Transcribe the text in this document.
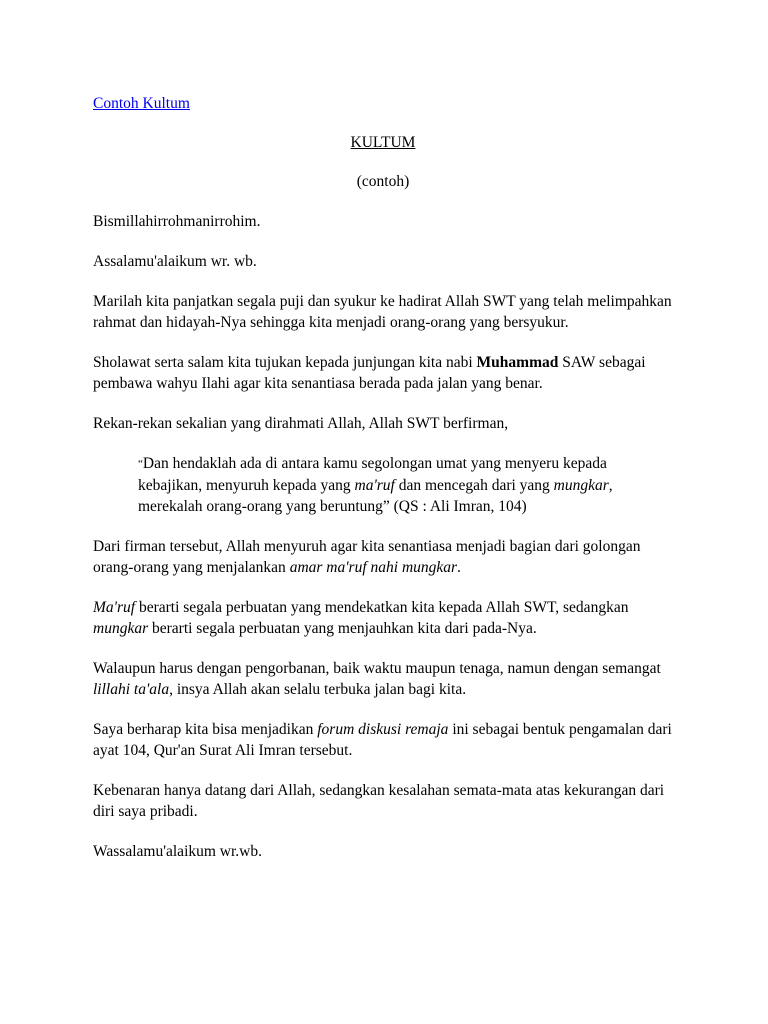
Contoh Kultum
KULTUM
(contoh)

Bismillahirrohmanirrohim.

Assalamu'alaikum wr. wb.

Marilah kita panjatkan segala puji dan syukur ke hadirat Allah SWT yang telah melimpahkan rahmat dan hidayah-Nya sehingga kita menjadi orang-orang yang bersyukur.

Sholawat serta salam kita tujukan kepada junjungan kita nabi Muhammad SAW sebagai pembawa wahyu Ilahi agar kita senantiasa berada pada jalan yang benar.

Rekan-rekan sekalian yang dirahmati Allah, Allah SWT berfirman,

“Dan hendaklah ada di antara kamu segolongan umat yang menyeru kepada kebajikan, menyuruh kepada yang ma'ruf dan mencegah dari yang mungkar, merekalah orang-orang yang beruntung” (QS : Ali Imran, 104)

Dari firman tersebut, Allah menyuruh agar kita senantiasa menjadi bagian dari golongan orang-orang yang menjalankan amar ma'ruf nahi mungkar.

Ma'ruf berarti segala perbuatan yang mendekatkan kita kepada Allah SWT, sedangkan mungkar berarti segala perbuatan yang menjauhkan kita dari pada-Nya.

Walaupun harus dengan pengorbanan, baik waktu maupun tenaga, namun dengan semangat lillahi ta'ala, insya Allah akan selalu terbuka jalan bagi kita.

Saya berharap kita bisa menjadikan forum diskusi remaja ini sebagai bentuk pengamalan dari ayat 104, Qur'an Surat Ali Imran tersebut.

Kebenaran hanya datang dari Allah, sedangkan kesalahan semata-mata atas kekurangan dari diri saya pribadi.

Wassalamu'alaikum wr.wb.
